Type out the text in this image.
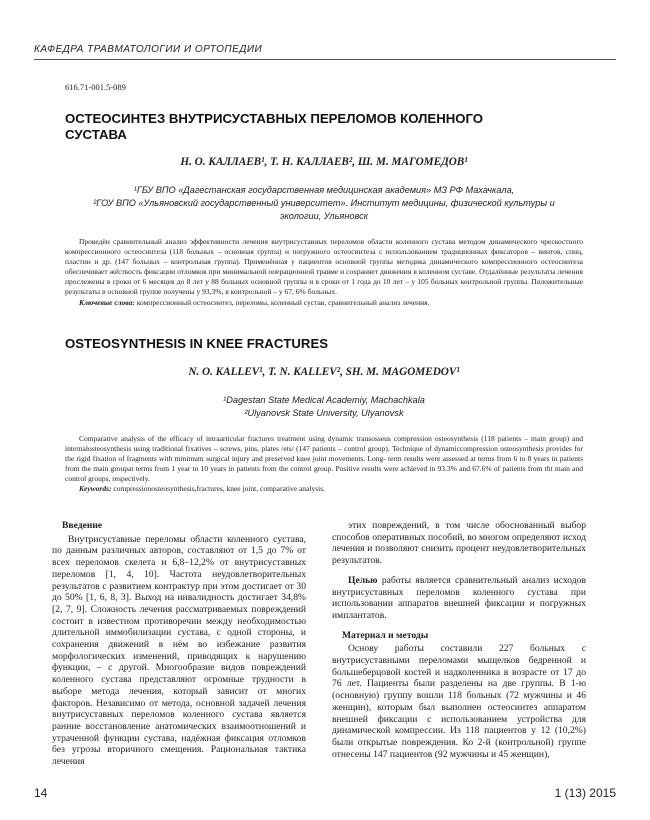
КАФЕДРА ТРАВМАТОЛОГИИ И ОРТОПЕДИИ
616.71-001.5-089
ОСТЕОСИНТЕЗ ВНУТРИСУСТАВНЫХ ПЕРЕЛОМОВ КОЛЕННОГО
СУСТАВА
Н. О. КАЛЛАЕВ¹, Т. Н. КАЛЛАЕВ², Ш. М. МАГОМЕДОВ¹
¹ГБУ ВПО «Дагестанская государственная медицинская академия» МЗ РФ Махачкала,
²ГОУ ВПО «Ульяновский государственный университет». Институт медицины, физической культуры и
экологии, Ульяновск

Проведён сравнительный анализ эффективности лечения внутрисуставных переломов области коленного сустава методом динамического чрескостного компрессионного остеосинтеза (118 больных – основная группа) и погружного остеосинтеза с использованием традиционных фиксаторов – винтов, спиц, пластин и др. (147 больных – контрольная группа). Применённая у пациентов основной группы методика динамического компрессионного остеосинтеза обеспечивает жёсткость фиксации отломков при минимальной операционной травме и сохраняет движения в коленном суставе. Отдалённые результаты лечения прослежены в сроки от 6 месяцев до 8 лет у 88 больных основной группы и в сроки от 1 года до 10 лет – у 105 больных контрольной группы. Положительные результаты в основной группе получены у 93,3%, в контрольной – у 67, 6% больных.

Ключевые слова: компрессионный остеосинтез, переломы, коленный сустав, сравнительный анализ лечения.

OSTEOSYNTHESIS IN KNEE FRACTURES
N. O. KALLEV¹, T. N. KALLEV², SH. M. MAGOMEDOV¹
¹Dagestan State Medical Academiy, Machachkala
²Ulyanovsk State University, Ulyanovsk

Comparative analysis of the efficacy of intraarticular fractures treatment using dynamic transosseus compression osteosynthesis (118 patients – main group) and internalosteosynthesis using traditional fixatives – screws, pins, plates /ets/ (147 patients – control group). Technique of dynamiccompression osteosynthesis provides for the rigid fixation of fragments with minimum surgical injury and preserved knee joint movements. Long- term results were assessed at terms from 6 to 8 years in patients from the main groupat terms from 1 year to 10 years in patients from the control group. Positive results were achieved in 93.3% and 67.6% of patients from tht main and control groups, respectively.

Keywords: compressionosteosynthesis,fractures, knee joint, comparative analysis.

Введение

Внутрисуставные переломы области коленного сустава, по данным различных авторов, составляют от 1,5 до 7% от всех переломов скелета и 6,8–12,2% от внутрисуставных переломов [1, 4, 10]. Частота неудовлетворительных результатов с развитием контрактур при этом достигает от 30 до 50% [1, 6, 8, 3]. Выход на инвалидность достигает 34,8% [2, 7, 9]. Сложность лечения рассматриваемых повреждений состоит в известном противоречии между необходимостью длительной иммобилизации сустава, с одной стороны, и сохранения движений в нём во избежание развития морфологических изменений, приводящих к нарушению функции, – с другой. Многообразие видов повреждений коленного сустава представляют огромные трудности в выборе метода лечения, который зависит от многих факторов. Независимо от метода, основной задачей лечения внутрисуставных переломов коленного сустава является ранние восстановление анатомических взаимоотношений и утраченной функции сустава, надёжная фиксация отломков без угрозы вторичного смещения. Рациональная тактика лечения

этих повреждений, в том числе обоснованный выбор способов оперативных пособий, во многом определяют исход лечения и позволяют снизить процент неудовлетворительных результатов.

Целью работы является сравнительный анализ исходов внутрисуставных переломов коленного сустава при использовании аппаратов внешней фиксации и погружных имплантатов.

Материал и методы

Основу работы составили 227 больных с внутрисуставными переломами мыщелков бедренной и большеберцовой костей и надколенника в возрасте от 17 до 76 лет. Пациенты были разделены на две группы. В 1-ю (основную) группу вошли 118 больных (72 мужчины и 46 женщин), которым был выполнен остеосинтез аппаратом внешней фиксации с использованием устройства для динамической компрессии. Из 118 пациентов у 12 (10,2%) были открытые повреждения. Ко 2-й (контрольной) группе отнесены 147 пациентов (92 мужчины и 45 женщин),

14	1 (13) 2015
